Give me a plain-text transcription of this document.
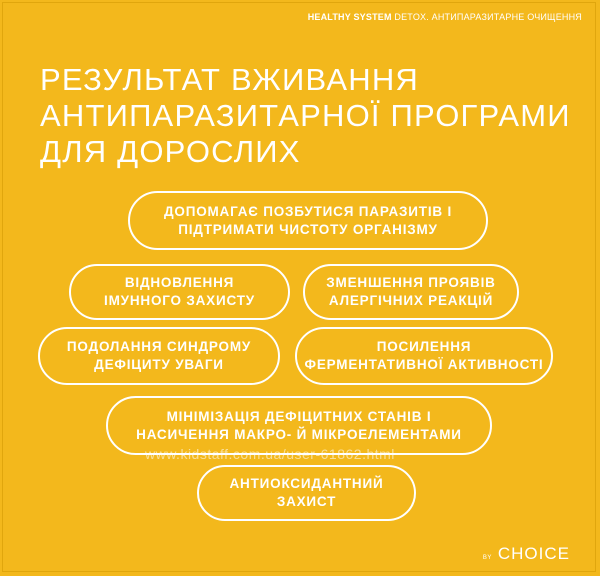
HEALTHY SYSTEM DETOX. АНТИПАРАЗИТАРНЕ ОЧИЩЕННЯ
РЕЗУЛЬТАТ ВЖИВАННЯ
АНТИПАРАЗИТАРНОЇ ПРОГРАМИ
ДЛЯ ДОРОСЛИХ
ДОПОМАГАЄ ПОЗБУТИСЯ ПАРАЗИТІВ І
ПІДТРИМАТИ ЧИСТОТУ ОРГАНІЗМУ
ВІДНОВЛЕННЯ
ІМУННОГО ЗАХИСТУ
ЗМЕНШЕННЯ ПРОЯВІВ
АЛЕРГІЧНИХ РЕАКЦІЙ
ПОДОЛАННЯ СИНДРОМУ
ДЕФІЦИТУ УВАГИ
ПОСИЛЕННЯ
ФЕРМЕНТАТИВНОЇ АКТИВНОСТІ
МІНІМІЗАЦІЯ ДЕФІЦИТНИХ СТАНІВ І
НАСИЧЕННЯ МАКРО- Й МІКРОЕЛЕМЕНТАМИ
АНТИОКСИДАНТНИЙ
ЗАХИСТ
www.kidstaff.com.ua/user-61862.html
BY CHOICE
